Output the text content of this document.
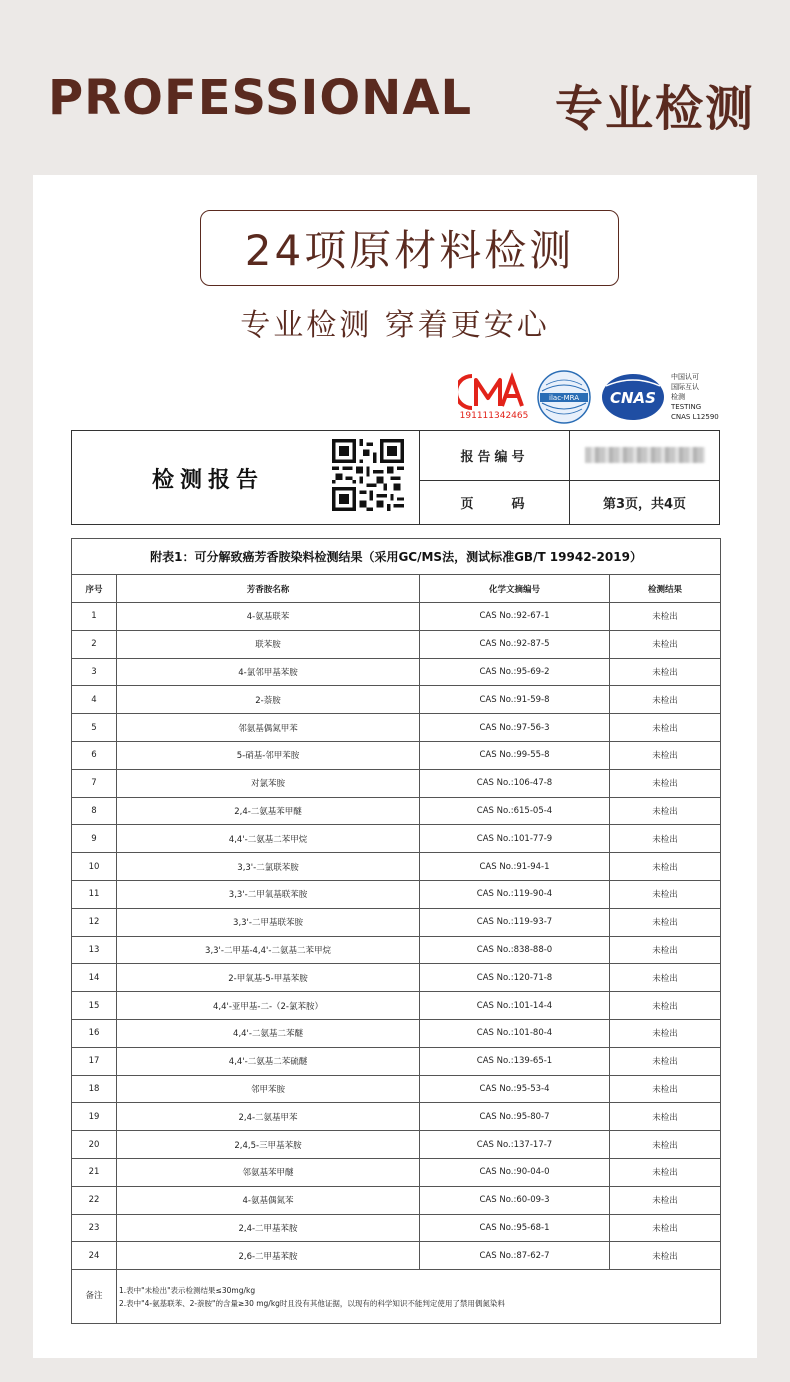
PROFESSIONAL 专业检测
24项原材料检测
专业检测 穿着更安心
191111342465
ilac-MRA CNAS
中国认可
国际互认
检测
TESTING
CNAS L12590
检测报告	报告编号	
	页　　码	第3页，共4页
附表1：可分解致癌芳香胺染料检测结果（采用GC/MS法，测试标准GB/T 19942-2019）			
序号	芳香胺名称	化学文摘编号	检测结果
1	4-氨基联苯	CAS No.:92-67-1	未检出
2	联苯胺	CAS No.:92-87-5	未检出
3	4-氯邻甲基苯胺	CAS No.:95-69-2	未检出
4	2-萘胺	CAS No.:91-59-8	未检出
5	邻氨基偶氮甲苯	CAS No.:97-56-3	未检出
6	5-硝基-邻甲苯胺	CAS No.:99-55-8	未检出
7	对氯苯胺	CAS No.:106-47-8	未检出
8	2,4-二氨基苯甲醚	CAS No.:615-05-4	未检出
9	4,4'-二氨基二苯甲烷	CAS No.:101-77-9	未检出
10	3,3'-二氯联苯胺	CAS No.:91-94-1	未检出
11	3,3'-二甲氧基联苯胺	CAS No.:119-90-4	未检出
12	3,3'-二甲基联苯胺	CAS No.:119-93-7	未检出
13	3,3'-二甲基-4,4'-二氨基二苯甲烷	CAS No.:838-88-0	未检出
14	2-甲氧基-5-甲基苯胺	CAS No.:120-71-8	未检出
15	4,4'-亚甲基-二-（2-氯苯胺）	CAS No.:101-14-4	未检出
16	4,4'-二氨基二苯醚	CAS No.:101-80-4	未检出
17	4,4'-二氨基二苯硫醚	CAS No.:139-65-1	未检出
18	邻甲苯胺	CAS No.:95-53-4	未检出
19	2,4-二氨基甲苯	CAS No.:95-80-7	未检出
20	2,4,5-三甲基苯胺	CAS No.:137-17-7	未检出
21	邻氨基苯甲醚	CAS No.:90-04-0	未检出
22	4-氨基偶氮苯	CAS No.:60-09-3	未检出
23	2,4-二甲基苯胺	CAS No.:95-68-1	未检出
24	2,6-二甲基苯胺	CAS No.:87-62-7	未检出
备注	1.表中"未检出"表示检测结果≤30mg/kg
2.表中"4-氨基联苯、2-萘胺"的含量≥30 mg/kg时且没有其他证据，以现有的科学知识不能判定使用了禁用偶氮染料		
